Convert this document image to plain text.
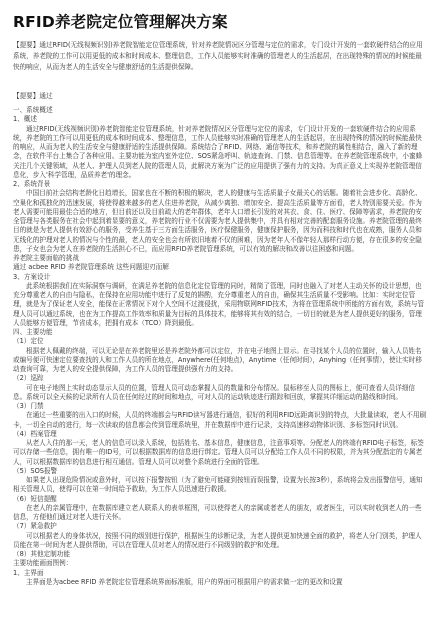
RFID养老院定位管理解决方案
【提要】通过RFID(无线视频识别)养老院智能定位管理系统，针对养老院情况区分管理与定位的需求，专门设计开发的一套软硬件结合的应用系统，养老院的工作可以用更低的成本和时间成本、整理信息，工作人员能够实时准确的管理老人的生活起居，在出现特殊的情况的时候能最快的响应，从而为老人的生活安全与健康舒适的生活提供保障。
【提要】通过

一、系统概述

1、概述

通过RFID(无线视频识别)养老院智能定位管理系统，针对养老院情况区分管理与定位的需求，专门设计开发的一套软硬件结合的应用系统，养老院的工作可以用更低的成本和时间成本、整理信息，工作人员能够实时准确的管理老人的生活起居，在出现特殊的情况的时候能最快的响应，从而为老人的生活安全与健康舒适的生活提供保障。系统结合了RFID、网络、通信等技术，和养老院的属性相结合，融入了新的理念，在软件平台上集合了各种应用。主要功能为室内室外定位、SOS紧急呼叫、轨迹查询、门禁、信息管理等。在养老院管理系统中，小蜜蜂关注几个关键领域，从老人、护理人员到老人院的管理人员，此解决方案为广泛的应用提供了强有力的支持。为真正意义上实现养老院管理信息化，步入'科学管理，品质养老'的理念。

2、系统背景

中国目前社会结构老龄化日趋增长，国家也在不断的积极的解决，老人的健康与生活质量子女最关心的话题。随着社会进步化、高龄化、空巢化和孤独化的迅速发展，将使得越来越多的老人住进养老院，从减少离独、增加安全、提高生活质量等方面看，老人特别需要关爱。作为老人需要可能用最佳合适的地方，但目前还以及目前疏大的老年群体，老年人口增长引发的对其衣、食、住、医疗、保障等需求，养老院的安全管理与各类服务在社会中起到着显要的意义，养老院的行业不仅需要为老人提供集中，并具有相对完善的配套服务设施。养老院管理的最终目的就是为老人提供有效舒心的服务，受养生基于三方面生活服务，医疗保健服务，健康保护服务，因为而科技和时代也在成熟，服务人员和无线化的护理对老人的情况与个性的最，老人的安全也会有所依旧地着不仅的困难，因为老年人不像年轻人那样行动方便，存在很多的安全隐患，子女也会为老人在养老院的生活担心不已，而应用RFID养老院管理系统，可以有效的解决和改善以往困惑和问题。

养老院主要面临的挑战

通过 acbee RFID 养老院管理系统 这些问题迎刃而解

3、方案设计

此系统根据我们在实际洞察与调研，在满足养老院的信息化定位管理的同时，精简了管理，同时也融入了对老人主动关怀的设计思想，也充分尊重老人的自由与隐私，在保持在应用功能中进行了反复的斟酌，充分尊重老人的自由，确保其生活质量不受影响。比如：实时定位管理，就是为了保证老人安全，能保在正常情况下对个人空间不过渡侵扰，采用物联网RFID技术，为将在管理系统中所能的方面有效，系统与管理人员可以通过系统，也在为工作提高工作效率和质量为目标的具体技术，能够将其有效的结合，一切目的就是为老人提供更好的服务，管理人员能够方便管理，节省成本，把拥有成本（TCO）降到最低。

四、主要功能

（1）定位

根据老人佩戴的终端，可以无论是在养老院里还是养老院外都可以定位，并在电子地图上显示。在寻找某个人员的位置时，输入人员姓名或编号便可快速定位要查找的人和工作人员的所在地点，Anywhere(任何地点)，Anytime（任何时间），Anyhing（任何事情），使让实时移动查询可靠，为老人的安全提供保障，为工作人员的管理提供强有力的支持。

（2）巡踪

可在电子地图上实时动态显示人员的位置，管理人员可动态掌握人员的数量和分布情况。鼠标移至人员的图标上，便可查看人员详细信息。系统可以全天候的记录所有人员在任何经过的时间和地点，可对人员的运动轨迹进行跟踪和回放，掌握其详细运动的路线和时间。

（3）门禁

在通过一些重要的出入口的时候，人员的终端都会与RFID读写器进行通信，很好的利用RFID远距离识别的特点，大批量读取，老人不用刷卡，一切全自动的进行，每一次读取的信息都会传到管理系统里，并在数据库中进行记录，支持高速移动物体识别、多标签同时识别。

（4）档案管理

从老人入住的那一天，老人的信息可以录入系统，包括姓名、基本信息，健康信息，注意事项等。分配老人的终端有RFID电子标签，标签可以存储一些信息，拥有唯一的ID号，可以根据数据库的信息进行绑定。管理人员可以分配给工作人员不同的权限，并为其分配指定的专属老人，可以根据数据库的信息进行相互通信。管理人员可以对整个系统进行全面的管理。

（5）SOS报警

如果老人出现危险情况或意外时，可以按下报警按钮（为了避免可能碰到按钮而误报警，设置为长按3秒），系统将会发出报警信号，通知相关管理人员，使得可以在第一时间给予救助，为工作人员迅速进行救援。

（6）短信提醒

在老人的亲属管理中，在数据库建立老人联系人的表单框图，可以使得老人的亲属或者老人的朋友，或者医生，可以实时收到老人的一些信息，方便他们通过对老人进行关怀。

（7）紧急救护

可以根据老人的身体状况，按照不同的级别进行保护，根据医生的诊断记录，为老人提供更加快速全面的救护，将老人分门别类，护理人员能在第一时间为老人提供帮助，可以在管理人员对老人的情况进行不同级别的救护和处理。

（8）其他定制功能

主要功能画面图例：

1、主界面

主界面是为acbee RFID 养老院定位管理系统界面标准版，用户的界面可根据用户的需求做一定的更改和设置
